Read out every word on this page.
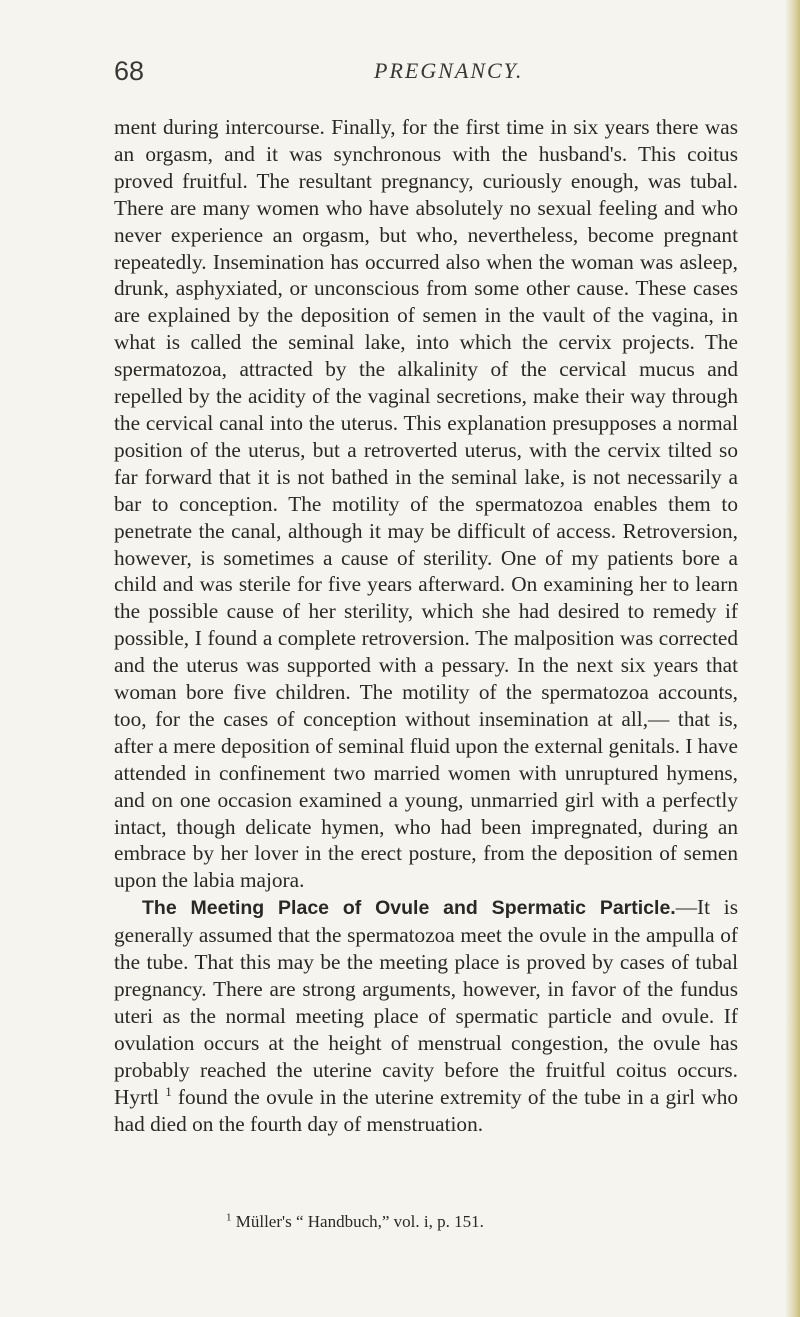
68	PREGNANCY.

ment during intercourse. Finally, for the first time in six years there was an orgasm, and it was synchronous with the husband's. This coitus proved fruitful. The resultant pregnancy, curiously enough, was tubal. There are many women who have absolutely no sexual feeling and who never experience an orgasm, but who, nevertheless, become pregnant repeatedly. Insemination has occurred also when the woman was asleep, drunk, asphyxiated, or unconscious from some other cause. These cases are explained by the deposition of semen in the vault of the vagina, in what is called the seminal lake, into which the cervix projects. The spermatozoa, attracted by the alkalinity of the cervical mucus and repelled by the acidity of the vaginal secretions, make their way through the cervical canal into the uterus. This explanation presupposes a normal position of the uterus, but a retroverted uterus, with the cervix tilted so far forward that it is not bathed in the seminal lake, is not necessarily a bar to conception. The motility of the spermatozoa enables them to penetrate the canal, although it may be difficult of access. Retroversion, however, is sometimes a cause of sterility. One of my patients bore a child and was sterile for five years afterward. On examining her to learn the possible cause of her sterility, which she had desired to remedy if possible, I found a complete retroversion. The malposition was corrected and the uterus was supported with a pessary. In the next six years that woman bore five children. The motility of the spermatozoa accounts, too, for the cases of conception without insemination at all,— that is, after a mere deposition of seminal fluid upon the external genitals. I have attended in confinement two married women with unruptured hymens, and on one occasion examined a young, unmarried girl with a perfectly intact, though delicate hymen, who had been impregnated, during an embrace by her lover in the erect posture, from the deposition of semen upon the labia majora.

The Meeting Place of Ovule and Spermatic Particle.—It is generally assumed that the spermatozoa meet the ovule in the ampulla of the tube. That this may be the meeting place is proved by cases of tubal pregnancy. There are strong arguments, however, in favor of the fundus uteri as the normal meeting place of spermatic particle and ovule. If ovulation occurs at the height of menstrual congestion, the ovule has probably reached the uterine cavity before the fruitful coitus occurs. Hyrtl $^1$ found the ovule in the uterine extremity of the tube in a girl who had died on the fourth day of menstruation.

$^1$ Müller's “ Handbuch,” vol. i, p. 151.
